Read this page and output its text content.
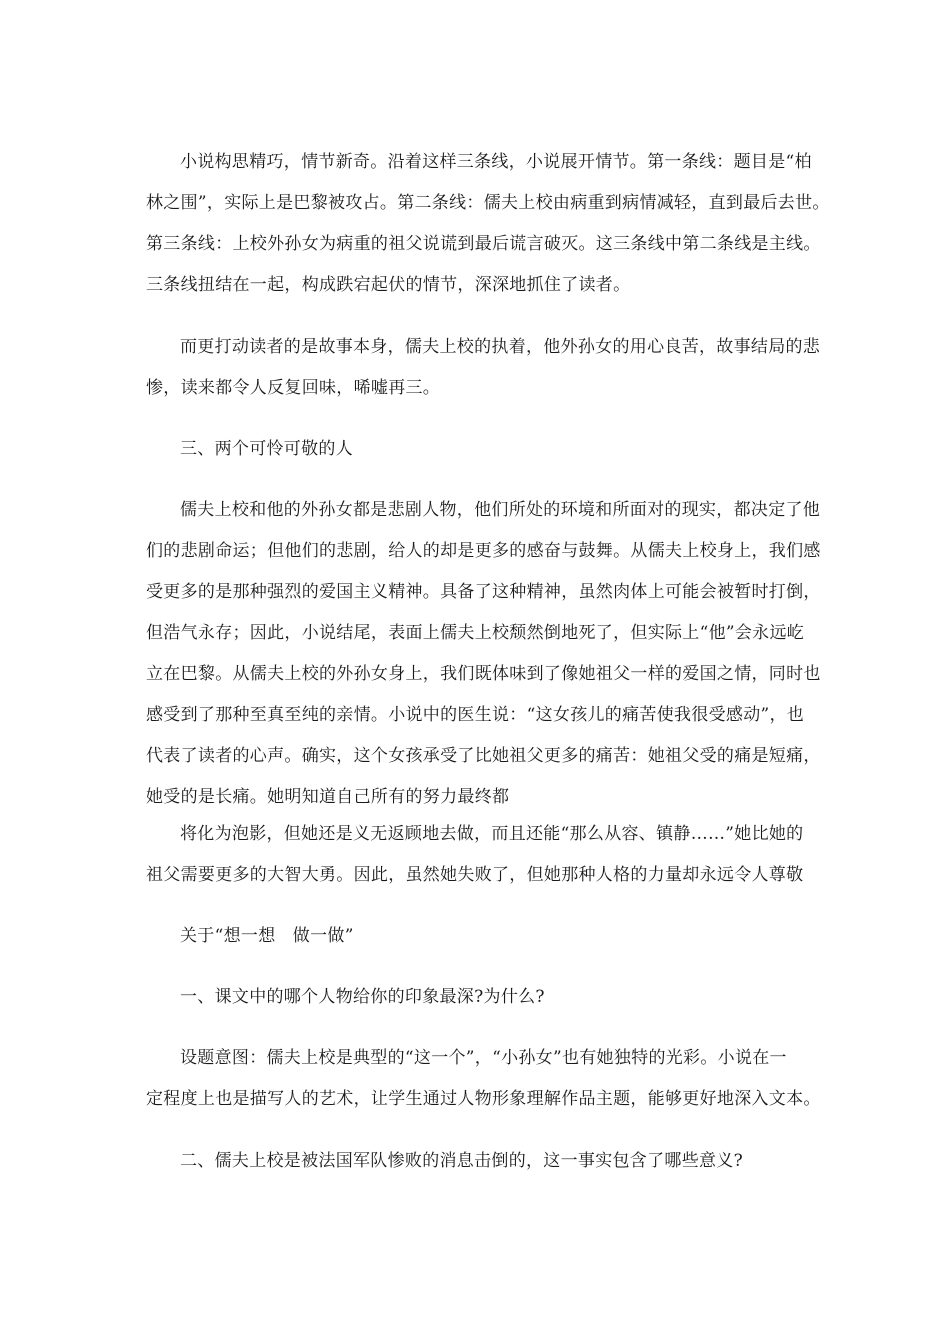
小说构思精巧，情节新奇。沿着这样三条线，小说展开情节。第一条线：题目是“柏
林之围”，实际上是巴黎被攻占。第二条线：儒夫上校由病重到病情减轻，直到最后去世。
第三条线：上校外孙女为病重的祖父说谎到最后谎言破灭。这三条线中第二条线是主线。
三条线扭结在一起，构成跌宕起伏的情节，深深地抓住了读者。
而更打动读者的是故事本身，儒夫上校的执着，他外孙女的用心良苦，故事结局的悲
惨，读来都令人反复回味，唏嘘再三。
三、两个可怜可敬的人
儒夫上校和他的外孙女都是悲剧人物，他们所处的环境和所面对的现实，都决定了他
们的悲剧命运；但他们的悲剧，给人的却是更多的感奋与鼓舞。从儒夫上校身上，我们感
受更多的是那种强烈的爱国主义精神。具备了这种精神，虽然肉体上可能会被暂时打倒，
但浩气永存；因此，小说结尾，表面上儒夫上校颓然倒地死了，但实际上“他”会永远屹
立在巴黎。从儒夫上校的外孙女身上，我们既体味到了像她祖父一样的爱国之情，同时也
感受到了那种至真至纯的亲情。小说中的医生说：“这女孩儿的痛苦使我很受感动”，也
代表了读者的心声。确实，这个女孩承受了比她祖父更多的痛苦：她祖父受的痛是短痛，
她受的是长痛。她明知道自己所有的努力最终都
将化为泡影，但她还是义无返顾地去做，而且还能“那么从容、镇静……”她比她的
祖父需要更多的大智大勇。因此，虽然她失败了，但她那种人格的力量却永远令人尊敬
关于“想一想　做一做”
一、课文中的哪个人物给你的印象最深?为什么?
设题意图：儒夫上校是典型的“这一个”，“小孙女”也有她独特的光彩。小说在一
定程度上也是描写人的艺术，让学生通过人物形象理解作品主题，能够更好地深入文本。
二、儒夫上校是被法国军队惨败的消息击倒的，这一事实包含了哪些意义?
